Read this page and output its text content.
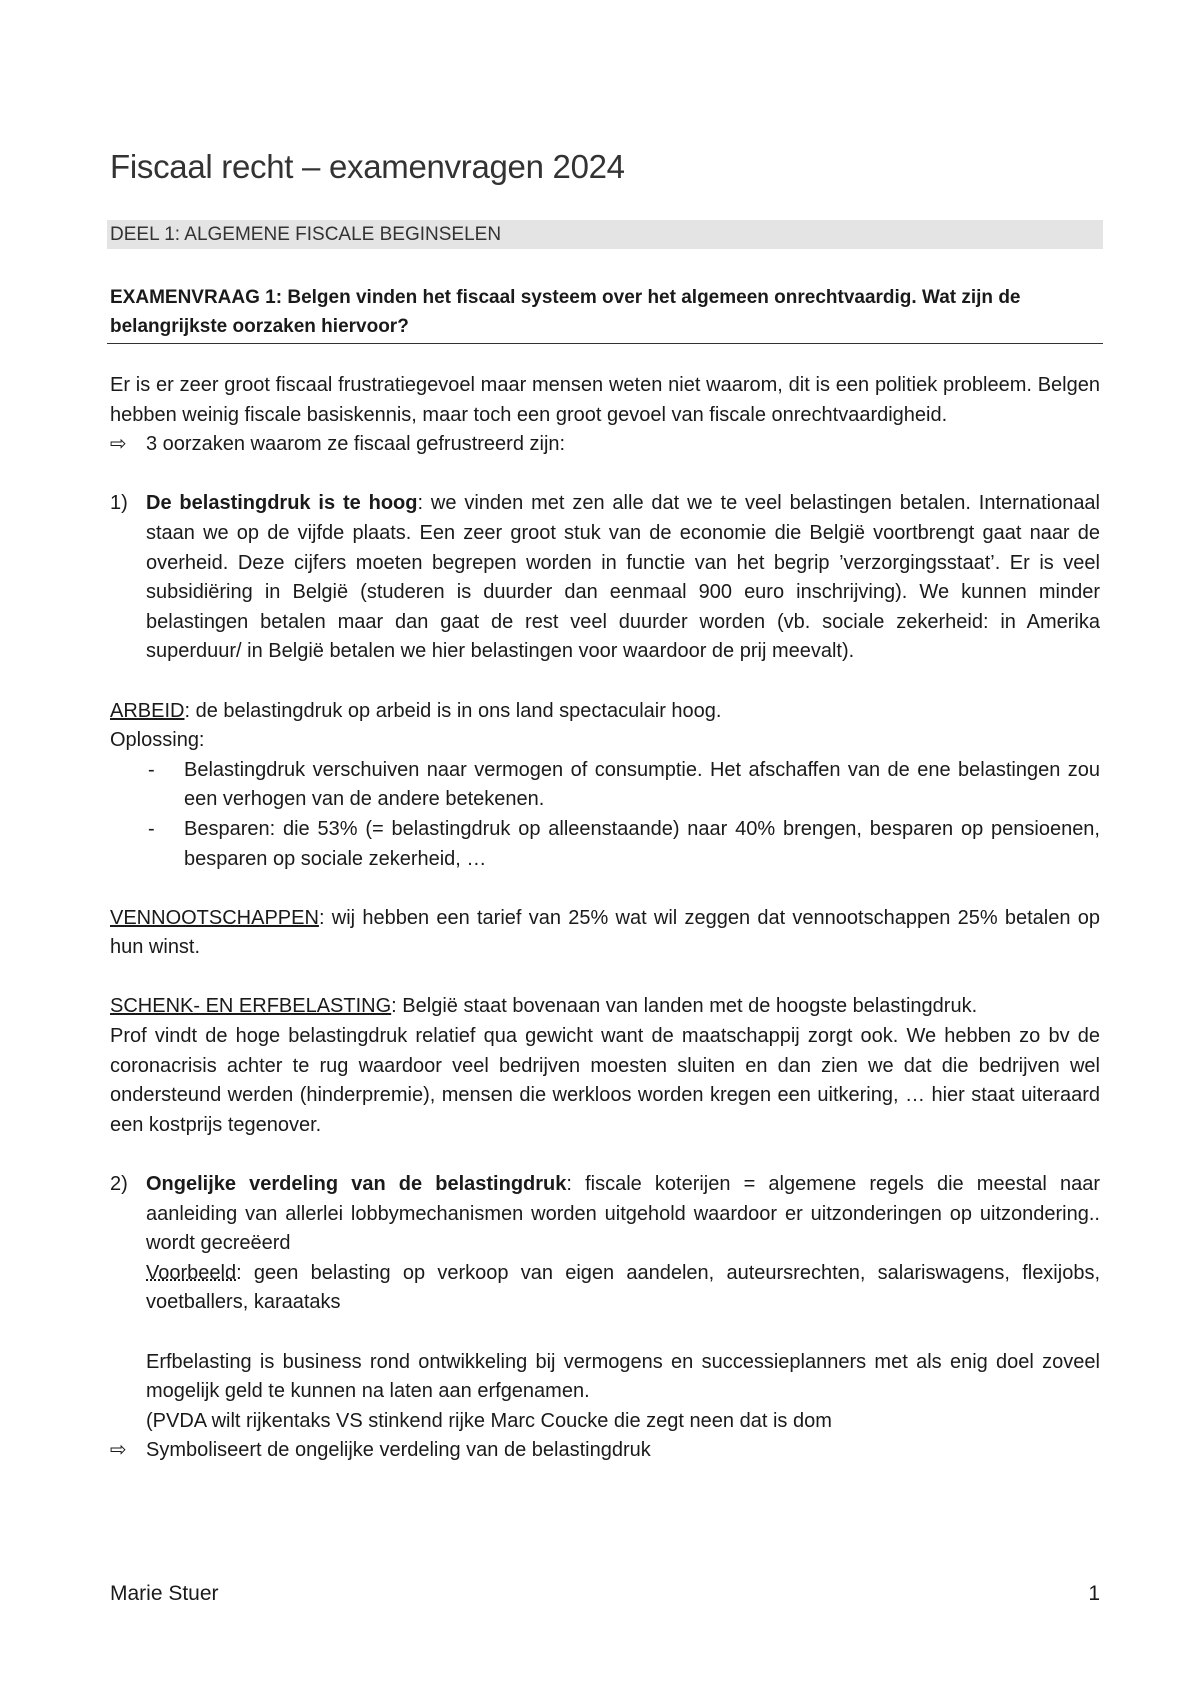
Fiscaal recht – examenvragen 2024
DEEL 1: ALGEMENE FISCALE BEGINSELEN
EXAMENVRAAG 1: Belgen vinden het fiscaal systeem over het algemeen onrechtvaardig. Wat zijn de belangrijkste oorzaken hiervoor?

Er is er zeer groot fiscaal frustratiegevoel maar mensen weten niet waarom, dit is een politiek probleem. Belgen hebben weinig fiscale basiskennis, maar toch een groot gevoel van fiscale onrechtvaardigheid.

⇨ 3 oorzaken waarom ze fiscaal gefrustreerd zijn:
1) De belastingdruk is te hoog: we vinden met zen alle dat we te veel belastingen betalen. Internationaal staan we op de vijfde plaats. Een zeer groot stuk van de economie die België voortbrengt gaat naar de overheid. Deze cijfers moeten begrepen worden in functie van het begrip ’verzorgingsstaat’. Er is veel subsidiëring in België (studeren is duurder dan eenmaal 900 euro inschrijving). We kunnen minder belastingen betalen maar dan gaat de rest veel duurder worden (vb. sociale zekerheid: in Amerika superduur/ in België betalen we hier belastingen voor waardoor de prij meevalt).

ARBEID: de belastingdruk op arbeid is in ons land spectaculair hoog.

Oplossing:

-	Belastingdruk verschuiven naar vermogen of consumptie. Het afschaffen van de ene belastingen zou een verhogen van de andere betekenen.
-	Besparen: die 53% (= belastingdruk op alleenstaande) naar 40% brengen, besparen op pensioenen, besparen op sociale zekerheid, …

VENNOOTSCHAPPEN: wij hebben een tarief van 25% wat wil zeggen dat vennootschappen 25% betalen op hun winst.

SCHENK- EN ERFBELASTING: België staat bovenaan van landen met de hoogste belastingdruk.

Prof vindt de hoge belastingdruk relatief qua gewicht want de maatschappij zorgt ook. We hebben zo bv de coronacrisis achter te rug waardoor veel bedrijven moesten sluiten en dan zien we dat die bedrijven wel ondersteund werden (hinderpremie), mensen die werkloos worden kregen een uitkering, … hier staat uiteraard een kostprijs tegenover.

2) Ongelijke verdeling van de belastingdruk: fiscale koterijen = algemene regels die meestal naar aanleiding van allerlei lobbymechanismen worden uitgehold waardoor er uitzonderingen op uitzondering.. wordt gecreëerd
Voorbeeld: geen belasting op verkoop van eigen aandelen, auteursrechten, salariswagens, flexijobs, voetballers, karaataks
Erfbelasting is business rond ontwikkeling bij vermogens en successieplanners met als enig doel zoveel mogelijk geld te kunnen na laten aan erfgenamen.
(PVDA wilt rijkentaks VS stinkend rijke Marc Coucke die zegt neen dat is dom
⇨ Symboliseert de ongelijke verdeling van de belastingdruk
Marie Stuer	1
